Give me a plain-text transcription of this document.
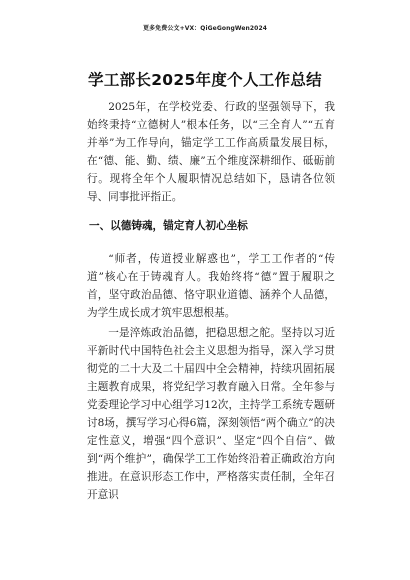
更多免费公文+VX：QiGeGongWen2024
学工部长2025年度个人工作总结

2025年，在学校党委、行政的坚强领导下，我始终秉持“立德树人”根本任务，以“三全育人”“五育并举”为工作导向，锚定学工工作高质量发展目标，在“德、能、勤、绩、廉”五个维度深耕细作、砥砺前行。现将全年个人履职情况总结如下，恳请各位领导、同事批评指正。

一、以德铸魂，锚定育人初心坐标

“师者，传道授业解惑也”，学工工作者的“传道”核心在于铸魂育人。我始终将“德”置于履职之首，坚守政治品德、恪守职业道德、涵养个人品德，为学生成长成才筑牢思想根基。

一是淬炼政治品德，把稳思想之舵。坚持以习近平新时代中国特色社会主义思想为指导，深入学习贯彻党的二十大及二十届四中全会精神，持续巩固拓展主题教育成果，将党纪学习教育融入日常。全年参与党委理论学习中心组学习12次，主持学工系统专题研讨8场，撰写学习心得6篇，深刻领悟“两个确立”的决定性意义，增强“四个意识”、坚定“四个自信”、做到“两个维护”，确保学工工作始终沿着正确政治方向推进。在意识形态工作中，严格落实责任制，全年召开意识
